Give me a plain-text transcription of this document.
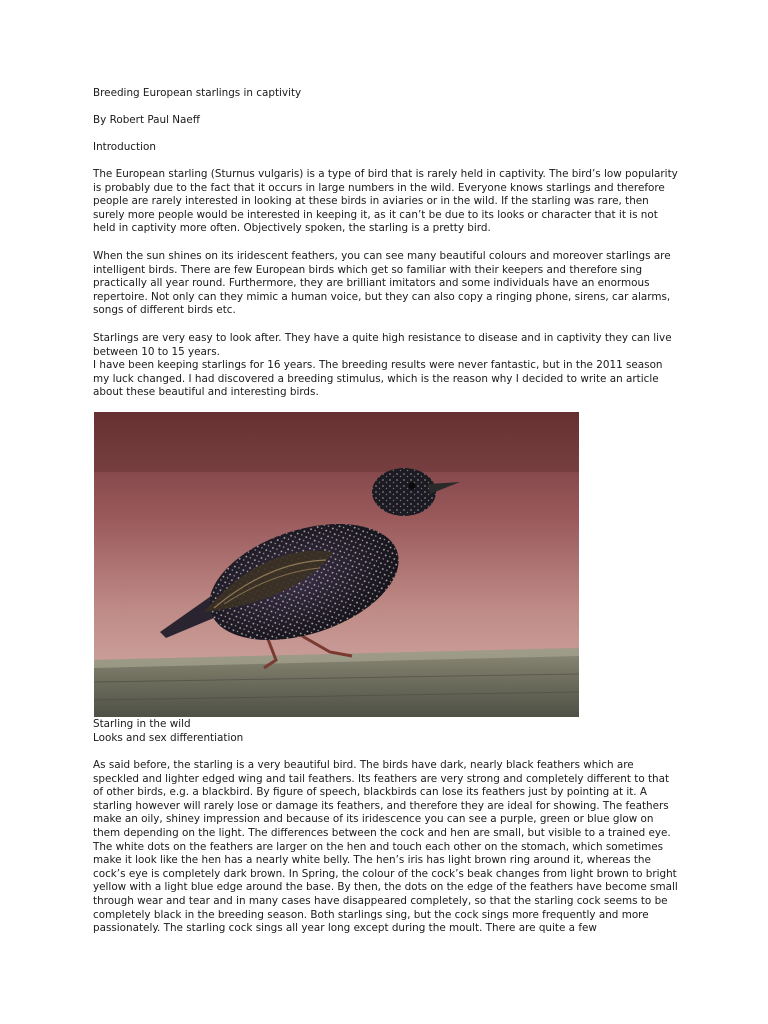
Breeding European starlings in captivity

By Robert Paul Naeff

Introduction

The European starling (Sturnus vulgaris) is a type of bird that is rarely held in captivity. The bird’s low popularity is probably due to the fact that it occurs in large numbers in the wild. Everyone knows starlings and therefore people are rarely interested in looking at these birds in aviaries or in the wild. If the starling was rare, then surely more people would be interested in keeping it, as it can’t be due to its looks or character that it is not held in captivity more often. Objectively spoken, the starling is a pretty bird.

When the sun shines on its iridescent feathers, you can see many beautiful colours and moreover starlings are intelligent birds. There are few European birds which get so familiar with their keepers and therefore sing practically all year round. Furthermore, they are brilliant imitators and some individuals have an enormous repertoire. Not only can they mimic a human voice, but they can also copy a ringing phone, sirens, car alarms, songs of different birds etc.

Starlings are very easy to look after. They have a quite high resistance to disease and in captivity they can live between 10 to 15 years.

I have been keeping starlings for 16 years. The breeding results were never fantastic, but in the 2011 season my luck changed. I had discovered a breeding stimulus, which is the reason why I decided to write an article about these beautiful and interesting birds.

Starling in the wild

Looks and sex differentiation

As said before, the starling is a very beautiful bird. The birds have dark, nearly black feathers which are speckled and lighter edged wing and tail feathers. Its feathers are very strong and completely different to that of other birds, e.g. a blackbird. By figure of speech, blackbirds can lose its feathers just by pointing at it. A starling however will rarely lose or damage its feathers, and therefore they are ideal for showing. The feathers make an oily, shiney impression and because of its iridescence you can see a purple, green or blue glow on them depending on the light. The differences between the cock and hen are small, but visible to a trained eye. The white dots on the feathers are larger on the hen and touch each other on the stomach, which sometimes make it look like the hen has a nearly white belly. The hen’s iris has light brown ring around it, whereas the cock’s eye is completely dark brown. In Spring, the colour of the cock’s beak changes from light brown to bright yellow with a light blue edge around the base. By then, the dots on the edge of the feathers have become small through wear and tear and in many cases have disappeared completely, so that the starling cock seems to be completely black in the breeding season. Both starlings sing, but the cock sings more frequently and more passionately. The starling cock sings all year long except during the moult. There are quite a few
